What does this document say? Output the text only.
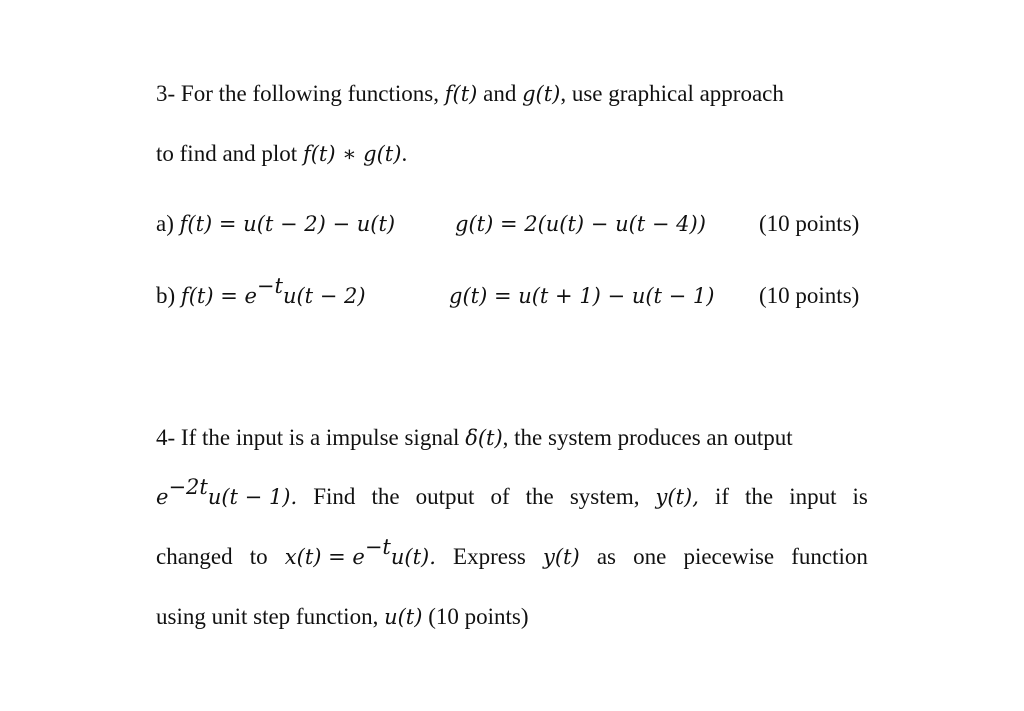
3- For the following functions, f(t) and g(t), use graphical approach
to find and plot f(t) ∗ g(t).
a) f(t) = u(t − 2) − u(t)	g(t) = 2(u(t) − u(t − 4)) (10 points)
b) $f(t) = e^{-t}u(t - 2)$	g(t) = u(t + 1) − u(t − 1) (10 points)
4- If the input is a impulse signal δ(t), the system produces an output
$e^{-2t}u(t - 1)$. Find the output of the system, y(t), if the input is
changed to $x(t) = e^{-t}u(t)$. Express y(t) as one piecewise function
using unit step function, u(t) (10 points)
